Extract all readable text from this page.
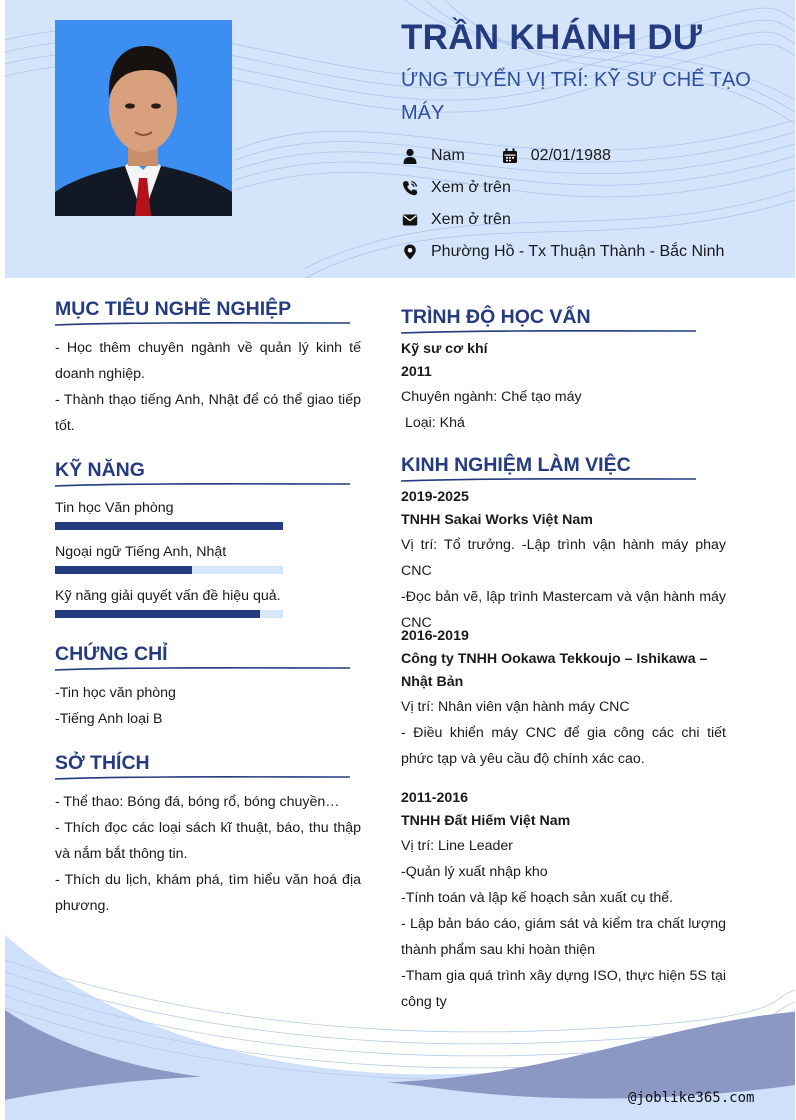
TRẦN KHÁNH DƯ
ỨNG TUYỂN VỊ TRÍ: KỸ SƯ CHẾ TẠO MÁY
Nam	02/01/1988
Xem ở trên
Xem ở trên
Phường Hồ - Tx Thuận Thành - Bắc Ninh
MỤC TIÊU NGHỀ NGHIỆP
- Học thêm chuyên ngành về quản lý kinh tế doanh nghiệp.
- Thành thạo tiếng Anh, Nhật để có thể giao tiếp tốt.
KỸ NĂNG
Tin học Văn phòng
Ngoại ngữ Tiếng Anh, Nhật
Kỹ năng giải quyết vấn đề hiệu quả.
CHỨNG CHỈ
-Tin học văn phòng
-Tiếng Anh loại B
SỞ THÍCH
- Thể thao: Bóng đá, bóng rổ, bóng chuyền…
- Thích đọc các loại sách kĩ thuật, báo, thu thập và nắm bắt thông tin.
- Thích du lịch, khám phá, tìm hiểu văn hoá địa phương.
TRÌNH ĐỘ HỌC VẤN
Kỹ sư cơ khí
2011
Chuyên ngành: Chế tạo máy
Loại: Khá
KINH NGHIỆM LÀM VIỆC
2019-2025
TNHH Sakai Works Việt Nam
Vị trí: Tổ trưởng. -Lập trình vận hành máy phay CNC
-Đọc bản vẽ, lập trình Mastercam và vận hành máy CNC
2016-2019
Công ty TNHH Ookawa Tekkoujo – Ishikawa – Nhật Bản
Vị trí: Nhân viên vận hành máy CNC
- Điều khiển máy CNC để gia công các chi tiết phức tạp và yêu cầu độ chính xác cao.
2011-2016
TNHH Đất Hiếm Việt Nam
Vị trí: Line Leader
-Quản lý xuất nhập kho
-Tính toán và lập kế hoạch sản xuất cụ thể.
- Lập bản báo cáo, giám sát và kiểm tra chất lượng thành phẩm sau khi hoàn thiện
-Tham gia quá trình xây dựng ISO, thực hiện 5S tại công ty
@joblike365.com
